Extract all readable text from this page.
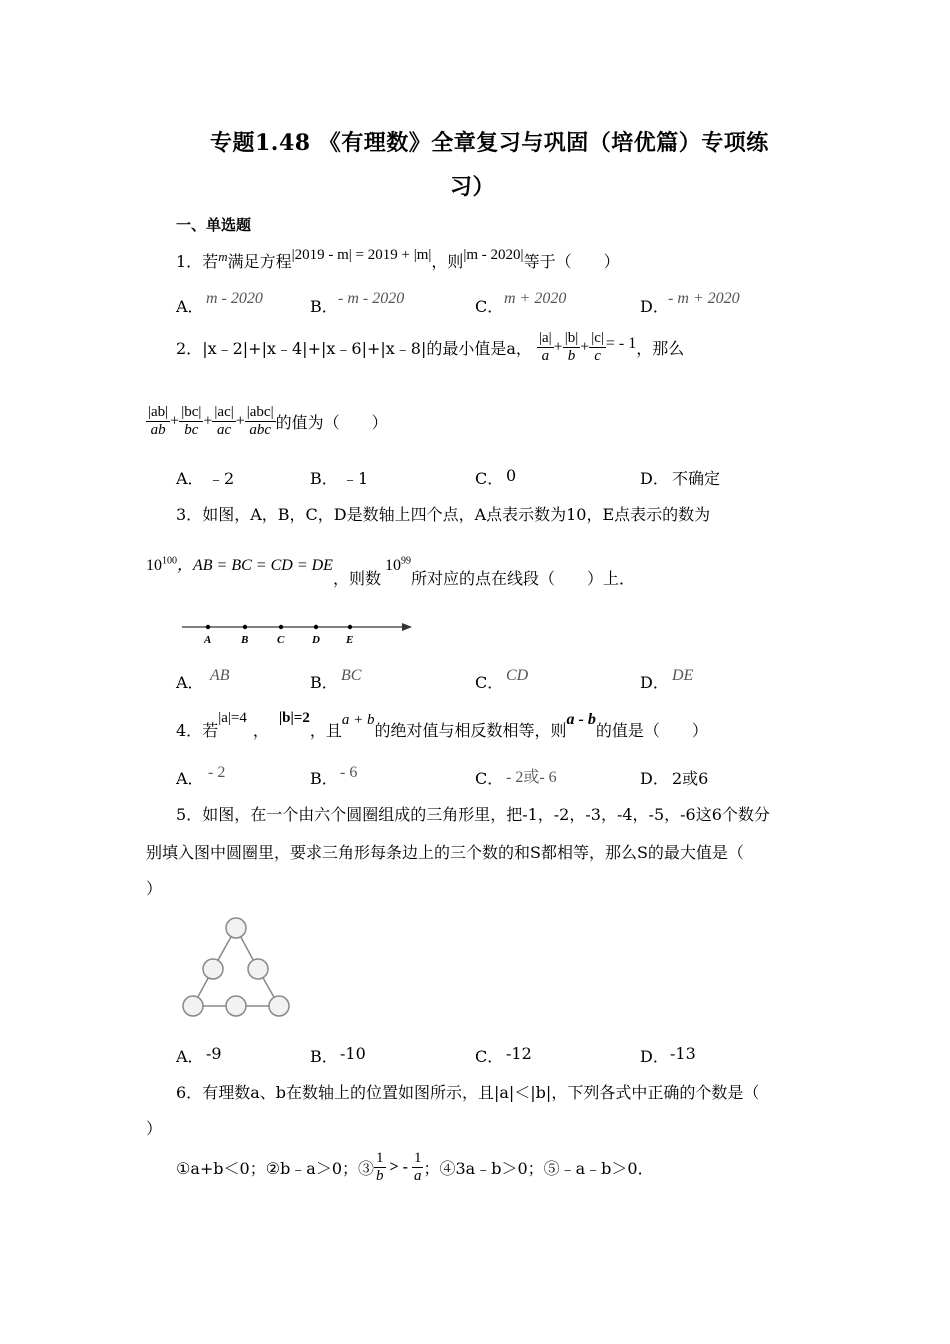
专题1.48 《有理数》全章复习与巩固（培优篇）专项练
习）
一、单选题
1．若$^m$满足方程|2019 - m| = 2019 + |m|，则|m - 2020|等于（　　）
A． m - 2020	B． - m - 2020	C． m + 2020	D． - m + 2020
2．|x﹣2|+|x﹣4|+|x﹣6|+|x﹣8|的最小值是a， $\frac{|a|}{a} + \frac{|b|}{b} + \frac{|c|}{c}$ = - 1，那么
$\frac{|ab|}{ab} + \frac{|bc|}{bc} + \frac{|ac|}{ac} + \frac{\text{|abc|}}{\text{abc}}$ 的值为（　　）
A． ﹣2	B． ﹣1	C． 0	D． 不确定
3．如图，A，B，C，D是数轴上四个点，A点表示数为10，E点表示的数为
$10^{100}$，AB = BC = CD = DE，则数$10^{99}$所对应的点在线段（　　）上．
A	B	C	D E
A． AB	B． BC	C． CD	D． DE
4．若|a|=4，|b|=2，且a + b的绝对值与相反数相等，则a - b的值是（　　）
A． - 2	B． - 6	C． - 2或- 6	D． 2或6
5．如图，在一个由六个圆圈组成的三角形里，把-1，-2，-3，-4，-5，-6这6个数分
别填入图中圆圈里，要求三角形每条边上的三个数的和S都相等，那么S的最大值是（
）
A． -9	B． -10	C． -12	D． -13
6．有理数a、b在数轴上的位置如图所示，且|a|＜|b|，下列各式中正确的个数是（
）
①a+b＜0；②b﹣a＞0；③ $\frac{1}{b}$ > - $\frac{1}{a}$ ；④3a﹣b＞0；⑤﹣a﹣b＞0．
